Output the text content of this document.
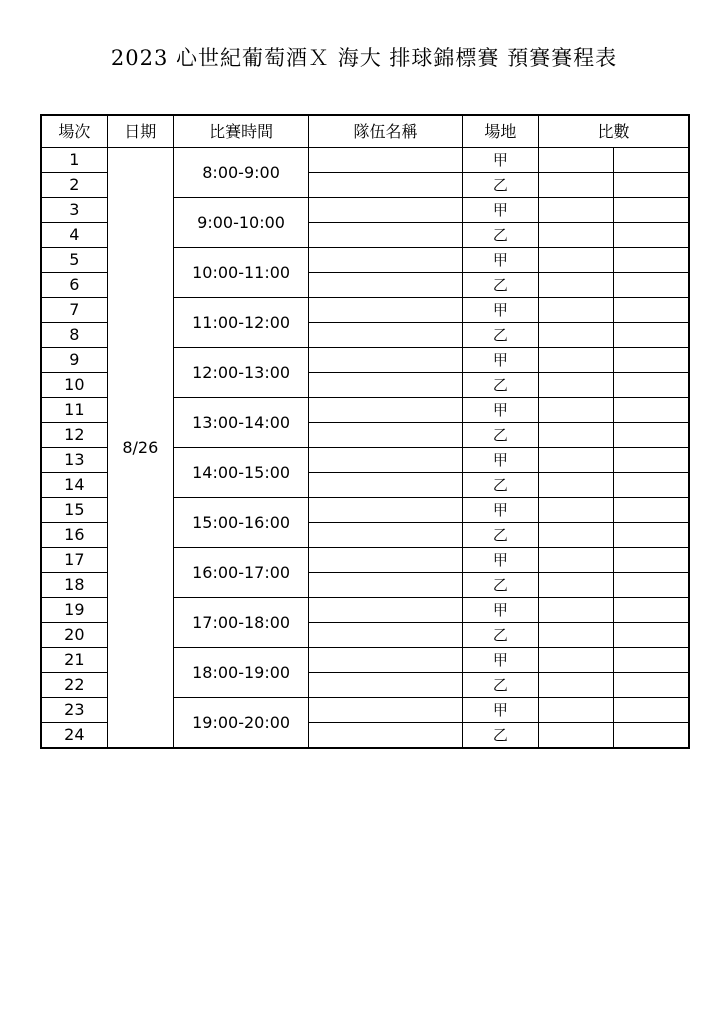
2023 心世紀葡萄酒Ｘ 海大 排球錦標賽 預賽賽程表
場次	日期	比賽時間	隊伍名稱	場地	比數	
1	8/26	8:00-9:00		甲		
2				乙		
3		9:00-10:00		甲		
4				乙		
5		10:00-11:00		甲		
6				乙		
7		11:00-12:00		甲		
8				乙		
9		12:00-13:00		甲		
10				乙		
11		13:00-14:00		甲		
12				乙		
13		14:00-15:00		甲		
14				乙		
15		15:00-16:00		甲		
16				乙		
17		16:00-17:00		甲		
18				乙		
19		17:00-18:00		甲		
20				乙		
21		18:00-19:00		甲		
22				乙		
23		19:00-20:00		甲		
24				乙		
